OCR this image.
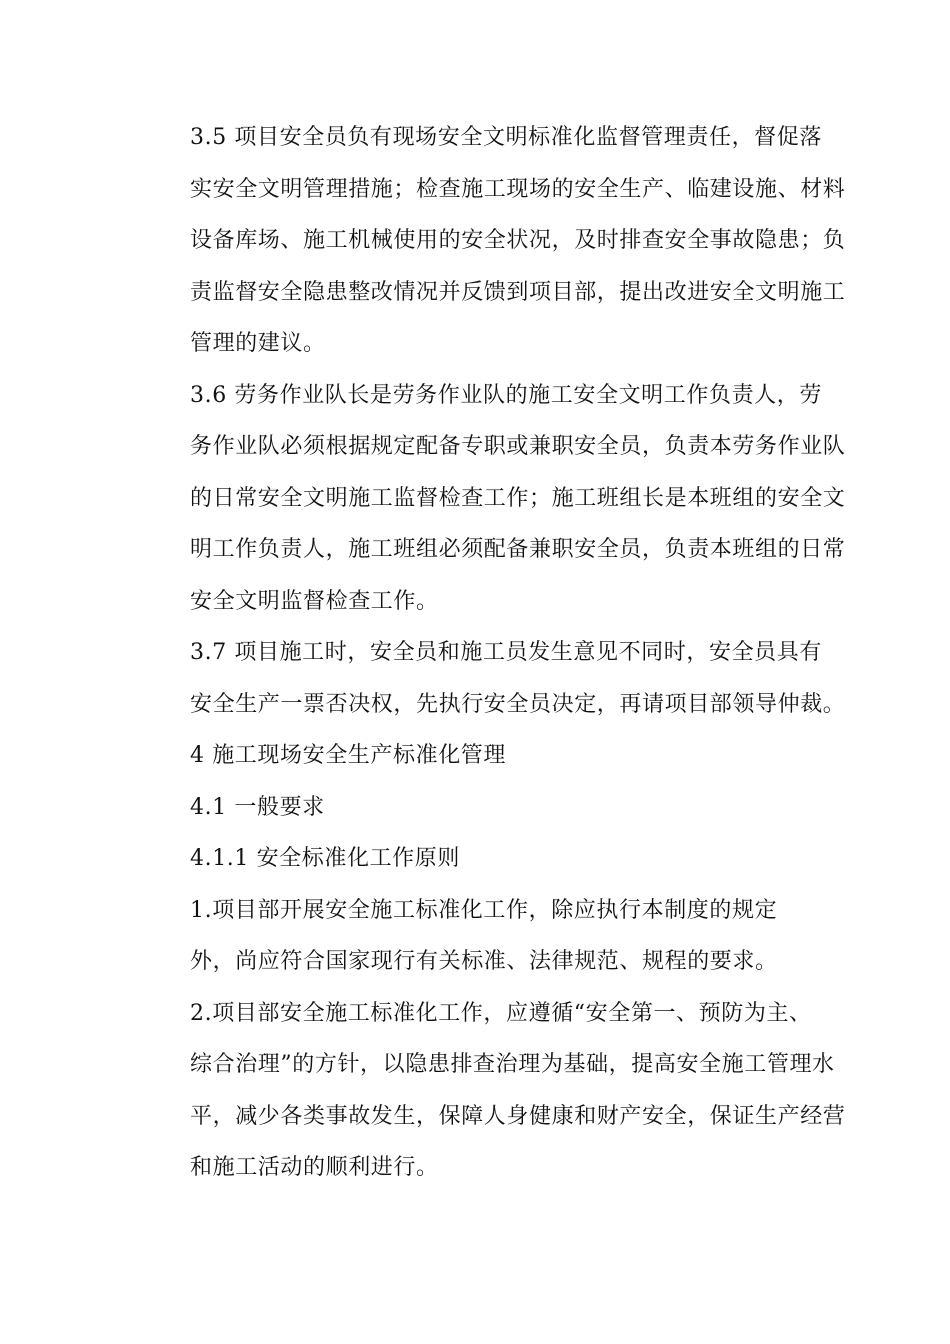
3.5 项目安全员负有现场安全文明标准化监督管理责任，督促落
实安全文明管理措施；检查施工现场的安全生产、临建设施、材料
设备库场、施工机械使用的安全状况，及时排查安全事故隐患；负
责监督安全隐患整改情况并反馈到项目部，提出改进安全文明施工
管理的建议。

3.6 劳务作业队长是劳务作业队的施工安全文明工作负责人，劳
务作业队必须根据规定配备专职或兼职安全员，负责本劳务作业队
的日常安全文明施工监督检查工作；施工班组长是本班组的安全文
明工作负责人，施工班组必须配备兼职安全员，负责本班组的日常
安全文明监督检查工作。

3.7 项目施工时，安全员和施工员发生意见不同时，安全员具有
安全生产一票否决权，先执行安全员决定，再请项目部领导仲裁。

4 施工现场安全生产标准化管理

4.1 一般要求

4.1.1 安全标准化工作原则

1.项目部开展安全施工标准化工作，除应执行本制度的规定
外，尚应符合国家现行有关标准、法律规范、规程的要求。

2.项目部安全施工标准化工作，应遵循“安全第一、预防为主、
综合治理”的方针，以隐患排查治理为基础，提高安全施工管理水
平，减少各类事故发生，保障人身健康和财产安全，保证生产经营
和施工活动的顺利进行。
